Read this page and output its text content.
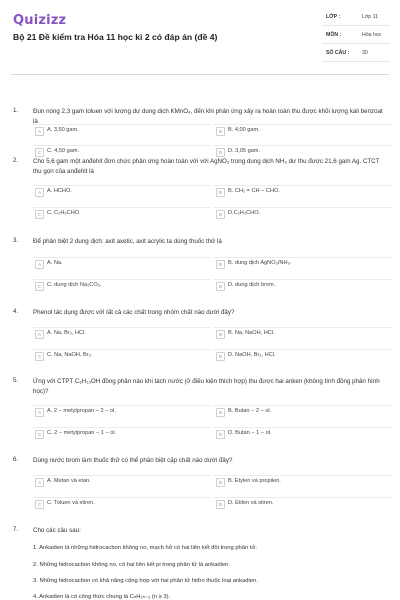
Quizizz
Bộ 21 Đề kiểm tra Hóa 11 học kì 2 có đáp án (đề 4)
LỚP :	Lớp 11
MÔN :	Hóa học
SỐ CÂU : 30
1. Đun nóng 2,3 gam toluen với lượng dư dung dịch KMnO₄, đến khi phản ứng xảy ra hoàn toàn thu được khối lượng kali benzoat là
A	A. 3,50 gam.	B	B. 4,00 gam.
C	C. 4,50 gam.	D	D. 3,05 gam.
2. Cho 5,6 gam một anđehit đơn chức phản ứng hoàn toàn với với AgNO₃ trong dung dịch NH₃ dư thu được 21,6 gam Ag. CTCT thu gọn của anđehit là
A	A. HCHO.	B	B. CH₂ = CH − CHO.
C	C. C₂H₅CHO.	D	D.C₂H₃CHO.
3. Để phân biệt 2 dung dịch: axit axetic, axit acrylic ta dùng thuốc thử là
A	A. Na.	B	B. dung dịch AgNO₃/NH₃.
C	C. dung dịch Na₂CO₃.	D	D. dung dịch brom.
4. Phenol tác dụng được với tất cả các chất trong nhóm chất nào dưới đây?
A	A. Na, Br₂, HCl.	B	B. Na, NaOH, HCl.
C	C. Na, NaOH, Br₂.	D	D. NaOH, Br₂, HCl.
5. Ứng với CTPT C₆H₁₃OH đồng phân nào khi tách nước (ở điều kiện thích hợp) thu được hai anken (không tính đồng phân hình học)?
A	A. 2 − metylpropan − 2 − ol.	B	B. Butan − 2 − ol.
C	C. 2 − metylpropan − 1 − ol.	D	D. Butan − 1 − ol.
6. Dùng nước brom làm thuốc thử có thể phân biệt cặp chất nào dưới đây?
A	A. Metan và etan.	B	B. Etylen và propilen.
C	C. Toluen và stiren.	D	D. Etilen và stiren.
7. Cho các câu sau:
1. Ankadien là những hidrocacbon không no, mạch hở có hai liên kết đôi trong phân tử.
2. Những hidrocacbon không no, có hai liên kết pi trong phân tử là ankadien.
3. Những hidrocacbon có khả năng cộng hợp với hai phân tử hiđro thuộc loại ankadien.
4. Ankadien là có công thức chung là CₙH₂ₙ₋₂ (n ≥ 3).
